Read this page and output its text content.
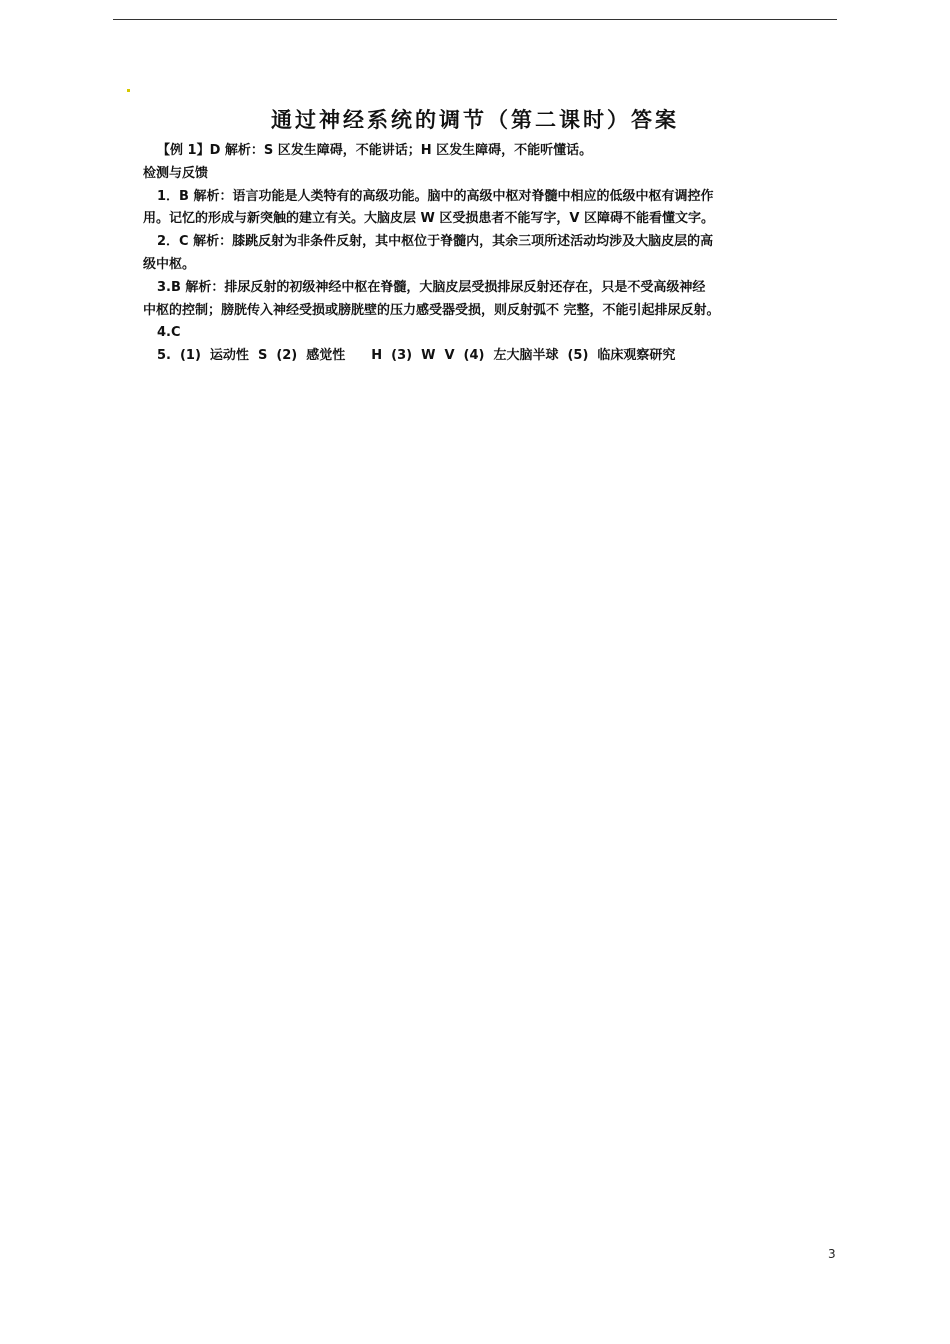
通过神经系统的调节（第二课时）答案

【例 1】D 解析：S 区发生障碍，不能讲话；H 区发生障碍，不能听懂话。

检测与反馈

1．B 解析：语言功能是人类特有的高级功能。脑中的高级中枢对脊髓中相应的低级中枢有调控作

用。记忆的形成与新突触的建立有关。大脑皮层 W 区受损患者不能写字，V 区障碍不能看懂文字。

2．C 解析：膝跳反射为非条件反射，其中枢位于脊髓内，其余三项所述活动均涉及大脑皮层的高

级中枢。

3.B 解析：排尿反射的初级神经中枢在脊髓，大脑皮层受损排尿反射还存在，只是不受高级神经

中枢的控制；膀胱传入神经受损或膀胱壁的压力感受器受损，则反射弧不 完整，不能引起排尿反射。

4.C

5. (1) 运动性 S (2) 感觉性 H (3) W V (4) 左大脑半球 (5) 临床观察研究

3
